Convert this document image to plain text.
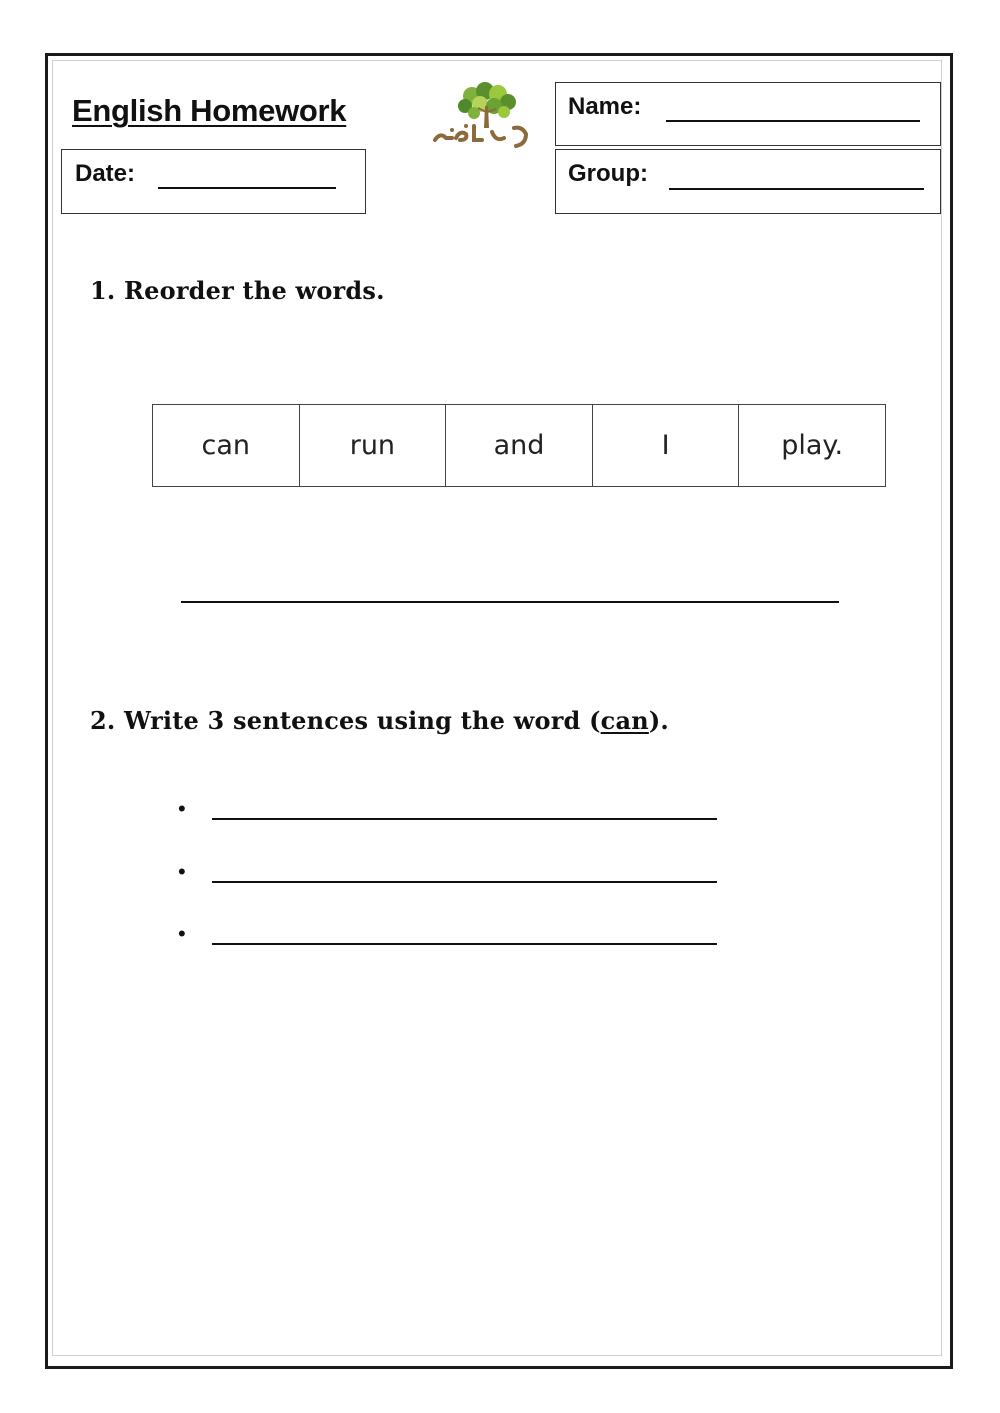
English Homework
Date:
Name:
Group:
1. Reorder the words.
can	run	and	I	play.
2. Write 3 sentences using the word (can).
•
•
•
